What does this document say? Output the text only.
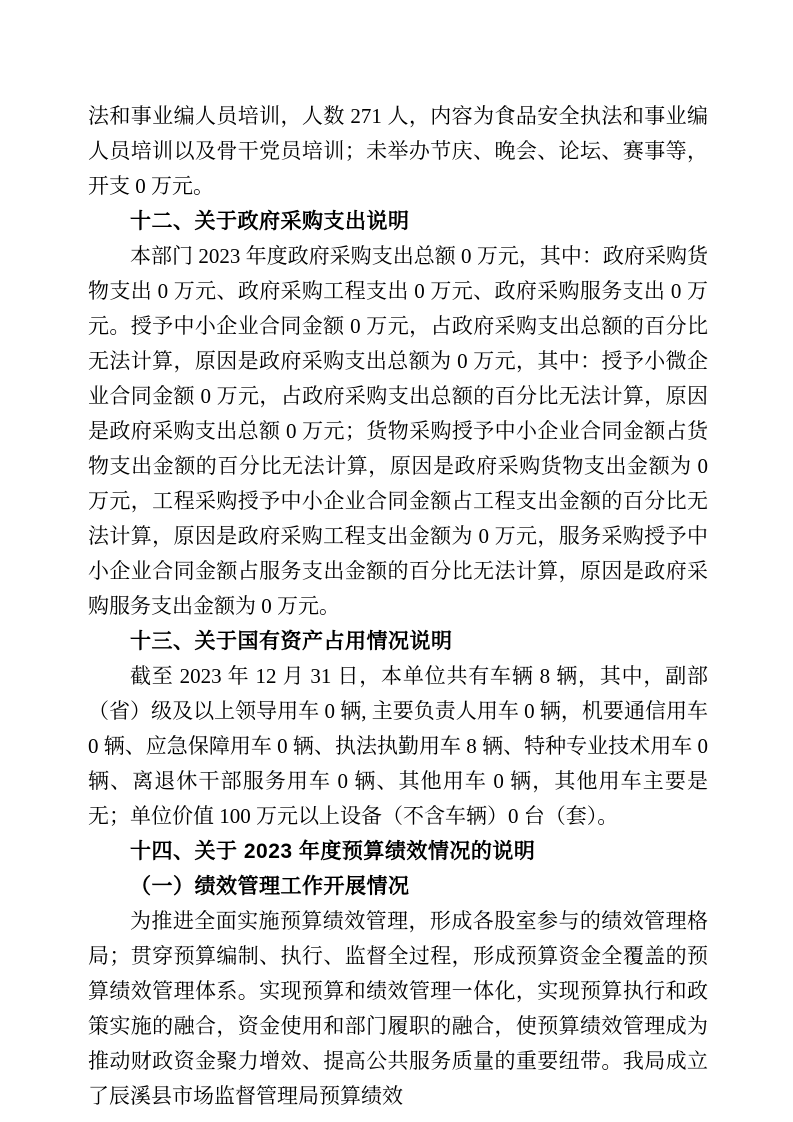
法和事业编人员培训，人数 271 人，内容为食品安全执法和事业编人员培训以及骨干党员培训；未举办节庆、晚会、论坛、赛事等，开支 0 万元。

十二、关于政府采购支出说明

本部门 2023 年度政府采购支出总额 0 万元，其中：政府采购货物支出 0 万元、政府采购工程支出 0 万元、政府采购服务支出 0 万元。授予中小企业合同金额 0 万元，占政府采购支出总额的百分比无法计算，原因是政府采购支出总额为 0 万元，其中：授予小微企业合同金额 0 万元，占政府采购支出总额的百分比无法计算，原因是政府采购支出总额 0 万元；货物采购授予中小企业合同金额占货物支出金额的百分比无法计算，原因是政府采购货物支出金额为 0 万元，工程采购授予中小企业合同金额占工程支出金额的百分比无法计算，原因是政府采购工程支出金额为 0 万元，服务采购授予中小企业合同金额占服务支出金额的百分比无法计算，原因是政府采购服务支出金额为 0 万元。

十三、关于国有资产占用情况说明

截至 2023 年 12 月 31 日，本单位共有车辆 8 辆，其中，副部（省）级及以上领导用车 0 辆, 主要负责人用车 0 辆，机要通信用车 0 辆、应急保障用车 0 辆、执法执勤用车 8 辆、特种专业技术用车 0 辆、离退休干部服务用车 0 辆、其他用车 0 辆，其他用车主要是无；单位价值 100 万元以上设备（不含车辆）0 台（套）。

十四、关于 2023 年度预算绩效情况的说明

（一）绩效管理工作开展情况

为推进全面实施预算绩效管理，形成各股室参与的绩效管理格局；贯穿预算编制、执行、监督全过程，形成预算资金全覆盖的预算绩效管理体系。实现预算和绩效管理一体化，实现预算执行和政策实施的融合，资金使用和部门履职的融合，使预算绩效管理成为推动财政资金聚力增效、提高公共服务质量的重要纽带。我局成立了辰溪县市场监督管理局预算绩效
